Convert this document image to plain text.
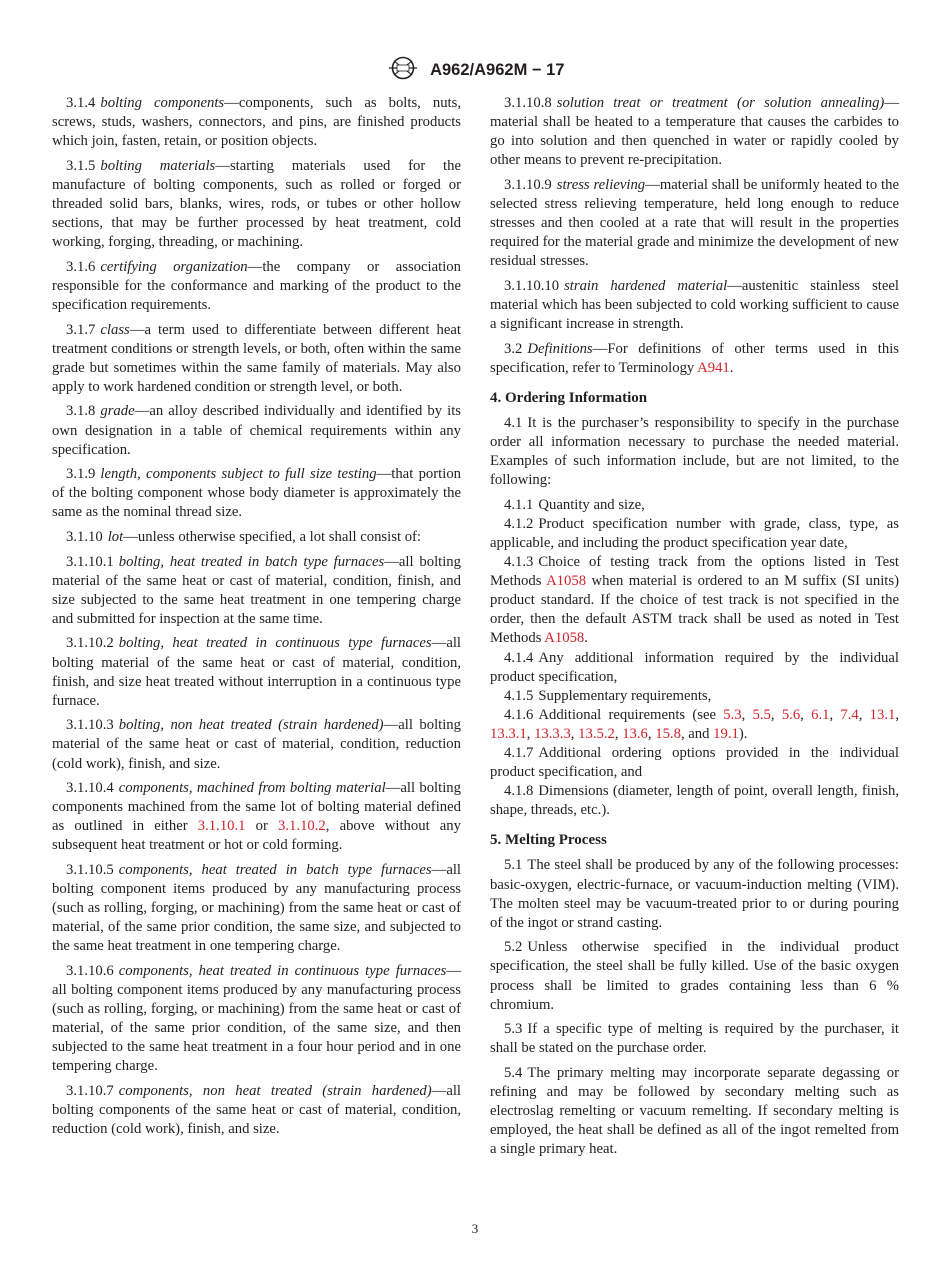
A962/A962M − 17

3.1.4 bolting components—components, such as bolts, nuts, screws, studs, washers, connectors, and pins, are finished products which join, fasten, retain, or position objects.

3.1.5 bolting materials—starting materials used for the manufacture of bolting components, such as rolled or forged or threaded solid bars, blanks, wires, rods, or tubes or other hollow sections, that may be further processed by heat treatment, cold working, forging, threading, or machining.

3.1.6 certifying organization—the company or association responsible for the conformance and marking of the product to the specification requirements.

3.1.7 class—a term used to differentiate between different heat treatment conditions or strength levels, or both, often within the same grade but sometimes within the same family of materials. May also apply to work hardened condition or strength level, or both.

3.1.8 grade—an alloy described individually and identified by its own designation in a table of chemical requirements within any specification.

3.1.9 length, components subject to full size testing—that portion of the bolting component whose body diameter is approximately the same as the nominal thread size.

3.1.10 lot—unless otherwise specified, a lot shall consist of:

3.1.10.1 bolting, heat treated in batch type furnaces—all bolting material of the same heat or cast of material, condition, finish, and size subjected to the same heat treatment in one tempering charge and submitted for inspection at the same time.

3.1.10.2 bolting, heat treated in continuous type furnaces—all bolting material of the same heat or cast of material, condition, finish, and size heat treated without interruption in a continuous type furnace.

3.1.10.3 bolting, non heat treated (strain hardened)—all bolting material of the same heat or cast of material, condition, reduction (cold work), finish, and size.

3.1.10.4 components, machined from bolting material—all bolting components machined from the same lot of bolting material defined as outlined in either 3.1.10.1 or 3.1.10.2, above without any subsequent heat treatment or hot or cold forming.

3.1.10.5 components, heat treated in batch type furnaces—all bolting component items produced by any manufacturing process (such as rolling, forging, or machining) from the same heat or cast of material, of the same prior condition, the same size, and subjected to the same heat treatment in one tempering charge.

3.1.10.6 components, heat treated in continuous type furnaces—all bolting component items produced by any manufacturing process (such as rolling, forging, or machining) from the same heat or cast of material, of the same prior condition, of the same size, and then subjected to the same heat treatment in a four hour period and in one tempering charge.

3.1.10.7 components, non heat treated (strain hardened)—all bolting components of the same heat or cast of material, condition, reduction (cold work), finish, and size.

3.1.10.8 solution treat or treatment (or solution annealing)—material shall be heated to a temperature that causes the carbides to go into solution and then quenched in water or rapidly cooled by other means to prevent re-precipitation.

3.1.10.9 stress relieving—material shall be uniformly heated to the selected stress relieving temperature, held long enough to reduce stresses and then cooled at a rate that will result in the properties required for the material grade and minimize the development of new residual stresses.

3.1.10.10 strain hardened material—austenitic stainless steel material which has been subjected to cold working sufficient to cause a significant increase in strength.

3.2 Definitions—For definitions of other terms used in this specification, refer to Terminology A941.

4. Ordering Information

4.1 It is the purchaser’s responsibility to specify in the purchase order all information necessary to purchase the needed material. Examples of such information include, but are not limited, to the following:

4.1.1 Quantity and size,

4.1.2 Product specification number with grade, class, type, as applicable, and including the product specification year date,

4.1.3 Choice of testing track from the options listed in Test Methods A1058 when material is ordered to an M suffix (SI units) product standard. If the choice of test track is not specified in the order, then the default ASTM track shall be used as noted in Test Methods A1058.

4.1.4 Any additional information required by the individual product specification,

4.1.5 Supplementary requirements,

4.1.6 Additional requirements (see 5.3, 5.5, 5.6, 6.1, 7.4, 13.1, 13.3.1, 13.3.3, 13.5.2, 13.6, 15.8, and 19.1).

4.1.7 Additional ordering options provided in the individual product specification, and

4.1.8 Dimensions (diameter, length of point, overall length, finish, shape, threads, etc.).

5. Melting Process

5.1 The steel shall be produced by any of the following processes: basic-oxygen, electric-furnace, or vacuum-induction melting (VIM). The molten steel may be vacuum-treated prior to or during pouring of the ingot or strand casting.

5.2 Unless otherwise specified in the individual product specification, the steel shall be fully killed. Use of the basic oxygen process shall be limited to grades containing less than 6 % chromium.

5.3 If a specific type of melting is required by the purchaser, it shall be stated on the purchase order.

5.4 The primary melting may incorporate separate degassing or refining and may be followed by secondary melting such as electroslag remelting or vacuum remelting. If secondary melting is employed, the heat shall be defined as all of the ingot remelted from a single primary heat.

3
